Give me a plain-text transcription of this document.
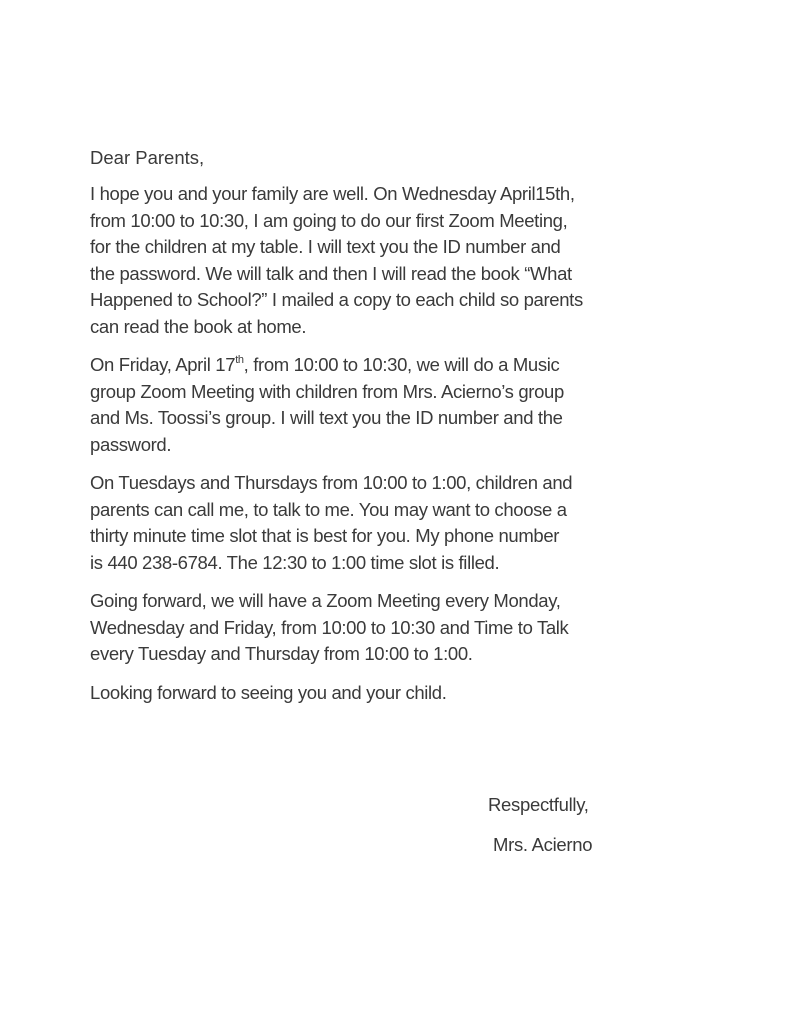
Dear Parents,

I hope you and your family are well. On Wednesday April15th,
from 10:00 to 10:30, I am going to do our first Zoom Meeting,
for the children at my table. I will text you the ID number and
the password. We will talk and then I will read the book “What
Happened to School?” I mailed a copy to each child so parents
can read the book at home.
On Friday, April 17th, from 10:00 to 10:30, we will do a Music
group Zoom Meeting with children from Mrs. Acierno’s group
and Ms. Toossi’s group. I will text you the ID number and the
password.
On Tuesdays and Thursdays from 10:00 to 1:00, children and
parents can call me, to talk to me. You may want to choose a
thirty minute time slot that is best for you. My phone number
is 440 238-6784. The 12:30 to 1:00 time slot is filled.
Going forward, we will have a Zoom Meeting every Monday,
Wednesday and Friday, from 10:00 to 10:30 and Time to Talk
every Tuesday and Thursday from 10:00 to 1:00.
Looking forward to seeing you and your child.
Respectfully,
Mrs. Acierno
